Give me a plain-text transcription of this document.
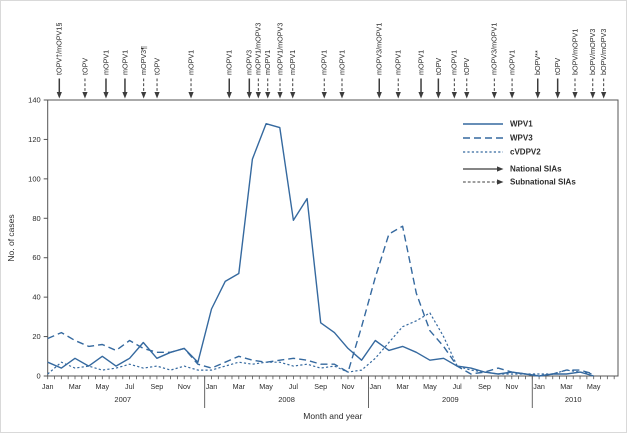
0
20
40
60
80
100
120
140
No. of cases
Jan Mar May Jul Sep Nov
2007
Jan Mar May Jul Sep Nov
2008
Jan Mar May Jul Sep Nov
2009
Jan Mar May
2010
Month and year
tOPV†/mOPV1§ tOPV mOPV1 mOPV1 mOPV3¶ tOPV	mOPV1	mOPV1 mOPV3 mOPV1/mOPV3 mOPV1 mOPV1/mOPV3 mOPV1	mOPV1 mOPV1	mOPV3/mOPV1 mOPV1 mOPV1 tOPV mOPV1 tOPV	mOPV3/mOPV1 mOPV1 bOPV** tOPV bOPV/mOPV1 bOPV/mOPV3 bOPV/mOPV3
WPV1
WPV3
cVDPV2
National SIAs
Subnational SIAs
